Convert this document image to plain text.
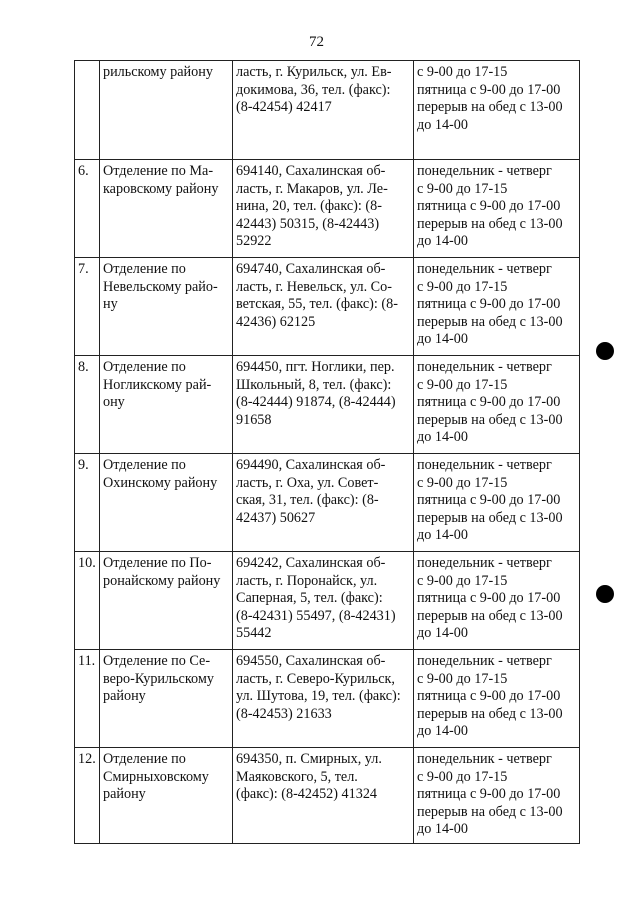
72

	рильскому району	ласть, г. Курильск, ул. Ев-
докимова, 36, тел. (факс):
(8-42454) 42417	с 9-00 до 17-15
пятница с 9-00 до 17-00
перерыв на обед с 13-00
до 14-00

6.	Отделение по Ма-
каровскому району	694140, Сахалинская об-
ласть, г. Макаров, ул. Ле-
нина, 20, тел. (факс): (8-
42443) 50315, (8-42443)
52922	понедельник - четверг
с 9-00 до 17-15
пятница с 9-00 до 17-00
перерыв на обед с 13-00
до 14-00

7.	Отделение по
Невельскому райо-
ну	694740, Сахалинская об-
ласть, г. Невельск, ул. Со-
ветская, 55, тел. (факс): (8-
42436) 62125	понедельник - четверг
с 9-00 до 17-15
пятница с 9-00 до 17-00
перерыв на обед с 13-00
до 14-00

8.	Отделение по
Ногликскому рай-
ону	694450, пгт. Ноглики, пер.
Школьный, 8, тел. (факс):
(8-42444) 91874, (8-42444)
91658	понедельник - четверг
с 9-00 до 17-15
пятница с 9-00 до 17-00
перерыв на обед с 13-00
до 14-00

9.	Отделение по
Охинскому району	694490, Сахалинская об-
ласть, г. Оха, ул. Совет-
ская, 31, тел. (факс): (8-
42437) 50627	понедельник - четверг
с 9-00 до 17-15
пятница с 9-00 до 17-00
перерыв на обед с 13-00
до 14-00

10.	Отделение по По-
ронайскому району	694242, Сахалинская об-
ласть, г. Поронайск, ул.
Саперная, 5, тел. (факс):
(8-42431) 55497, (8-42431)
55442	понедельник - четверг
с 9-00 до 17-15
пятница с 9-00 до 17-00
перерыв на обед с 13-00
до 14-00

11.	Отделение по Се-
веро-Курильскому
району	694550, Сахалинская об-
ласть, г. Северо-Курильск,
ул. Шутова, 19, тел. (факс):
(8-42453) 21633	понедельник - четверг
с 9-00 до 17-15
пятница с 9-00 до 17-00
перерыв на обед с 13-00
до 14-00

12.	Отделение по
Смирныховскому
району	694350, п. Смирных, ул.
Маяковского, 5, тел.
(факс): (8-42452) 41324	понедельник - четверг
с 9-00 до 17-15
пятница с 9-00 до 17-00
перерыв на обед с 13-00
до 14-00
